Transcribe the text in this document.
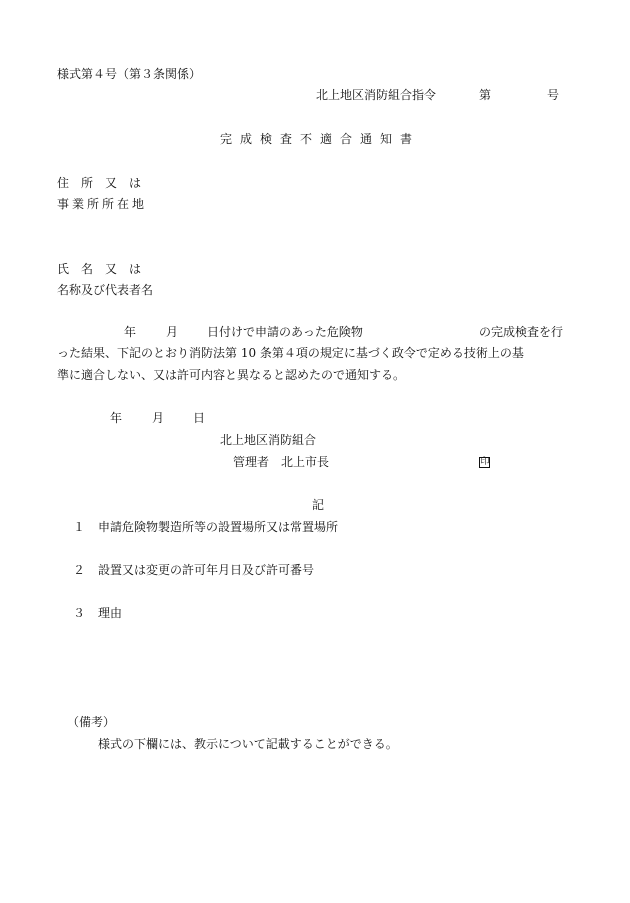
様式第４号（第３条関係）
北上地区消防組合指令	第	号
完成検査不適合通知書
住　所　又　は
事業所所在地
氏　名　又　は
名称及び代表者名
年 月 日付けで申請のあった危険物	の完成検査を行
った結果、下記のとおり消防法第 10 条第４項の規定に基づく政令で定める技術上の基
準に適合しない、又は許可内容と異なると認めたので通知する。
年 月 日
北上地区消防組合
管理者　北上市長	印
記
１ 申請危険物製造所等の設置場所又は常置場所
２ 設置又は変更の許可年月日及び許可番号
３ 理由
（備考）
様式の下欄には、教示について記載することができる。
